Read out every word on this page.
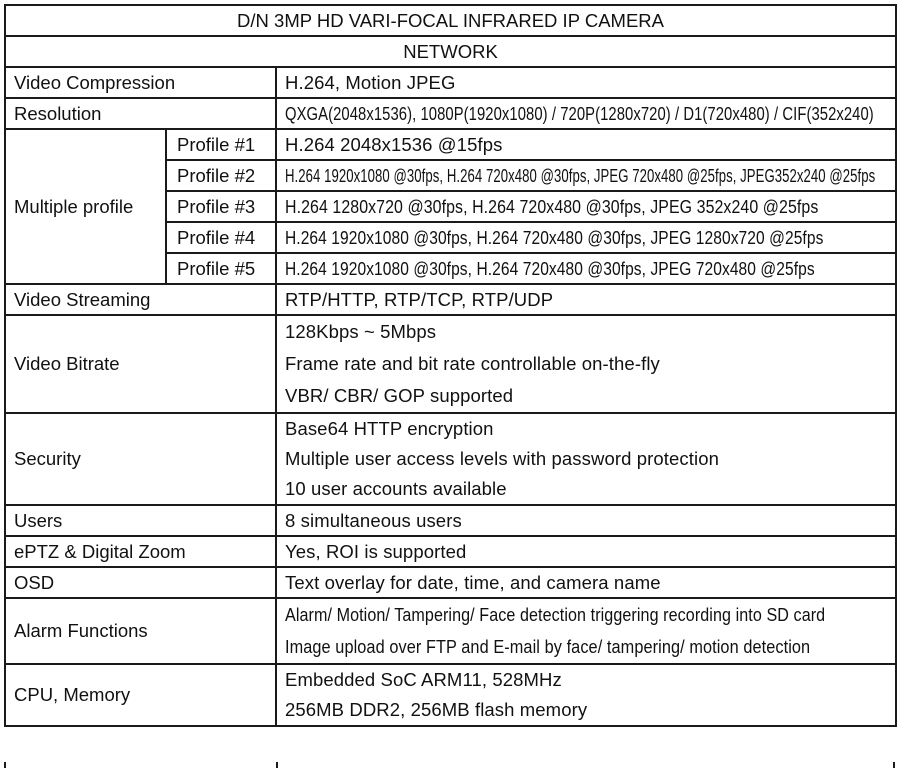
D/N 3MP HD VARI-FOCAL INFRARED IP CAMERA		
NETWORK		
Video Compression		H.264, Motion JPEG
Resolution		QXGA(2048x1536), 1080P(1920x1080) / 720P(1280x720) / D1(720x480) / CIF(352x240)
Multiple profile	Profile #1	H.264 2048x1536 @15fps
	Profile #2	H.264 1920x1080 @30fps, H.264 720x480 @30fps, JPEG 720x480 @25fps, JPEG352x240 @25fps
	Profile #3	H.264 1280x720 @30fps, H.264 720x480 @30fps, JPEG 352x240 @25fps
	Profile #4	H.264 1920x1080 @30fps, H.264 720x480 @30fps, JPEG 1280x720 @25fps
	Profile #5	H.264 1920x1080 @30fps, H.264 720x480 @30fps, JPEG 720x480 @25fps
Video Streaming		RTP/HTTP, RTP/TCP, RTP/UDP
Video Bitrate		128Kbps ~ 5Mbps
Frame rate and bit rate controllable on-the-fly
VBR/ CBR/ GOP supported

Security		Base64 HTTP encryption
Multiple user access levels with password protection
10 user accounts available

Users		8 simultaneous users
ePTZ & Digital Zoom		Yes, ROI is supported
OSD		Text overlay for date, time, and camera name
Alarm Functions		Alarm/ Motion/ Tampering/ Face detection triggering recording into SD card
Image upload over FTP and E-mail by face/ tampering/ motion detection

CPU, Memory		Embedded SoC ARM11, 528MHz
256MB DDR2, 256MB flash memory
